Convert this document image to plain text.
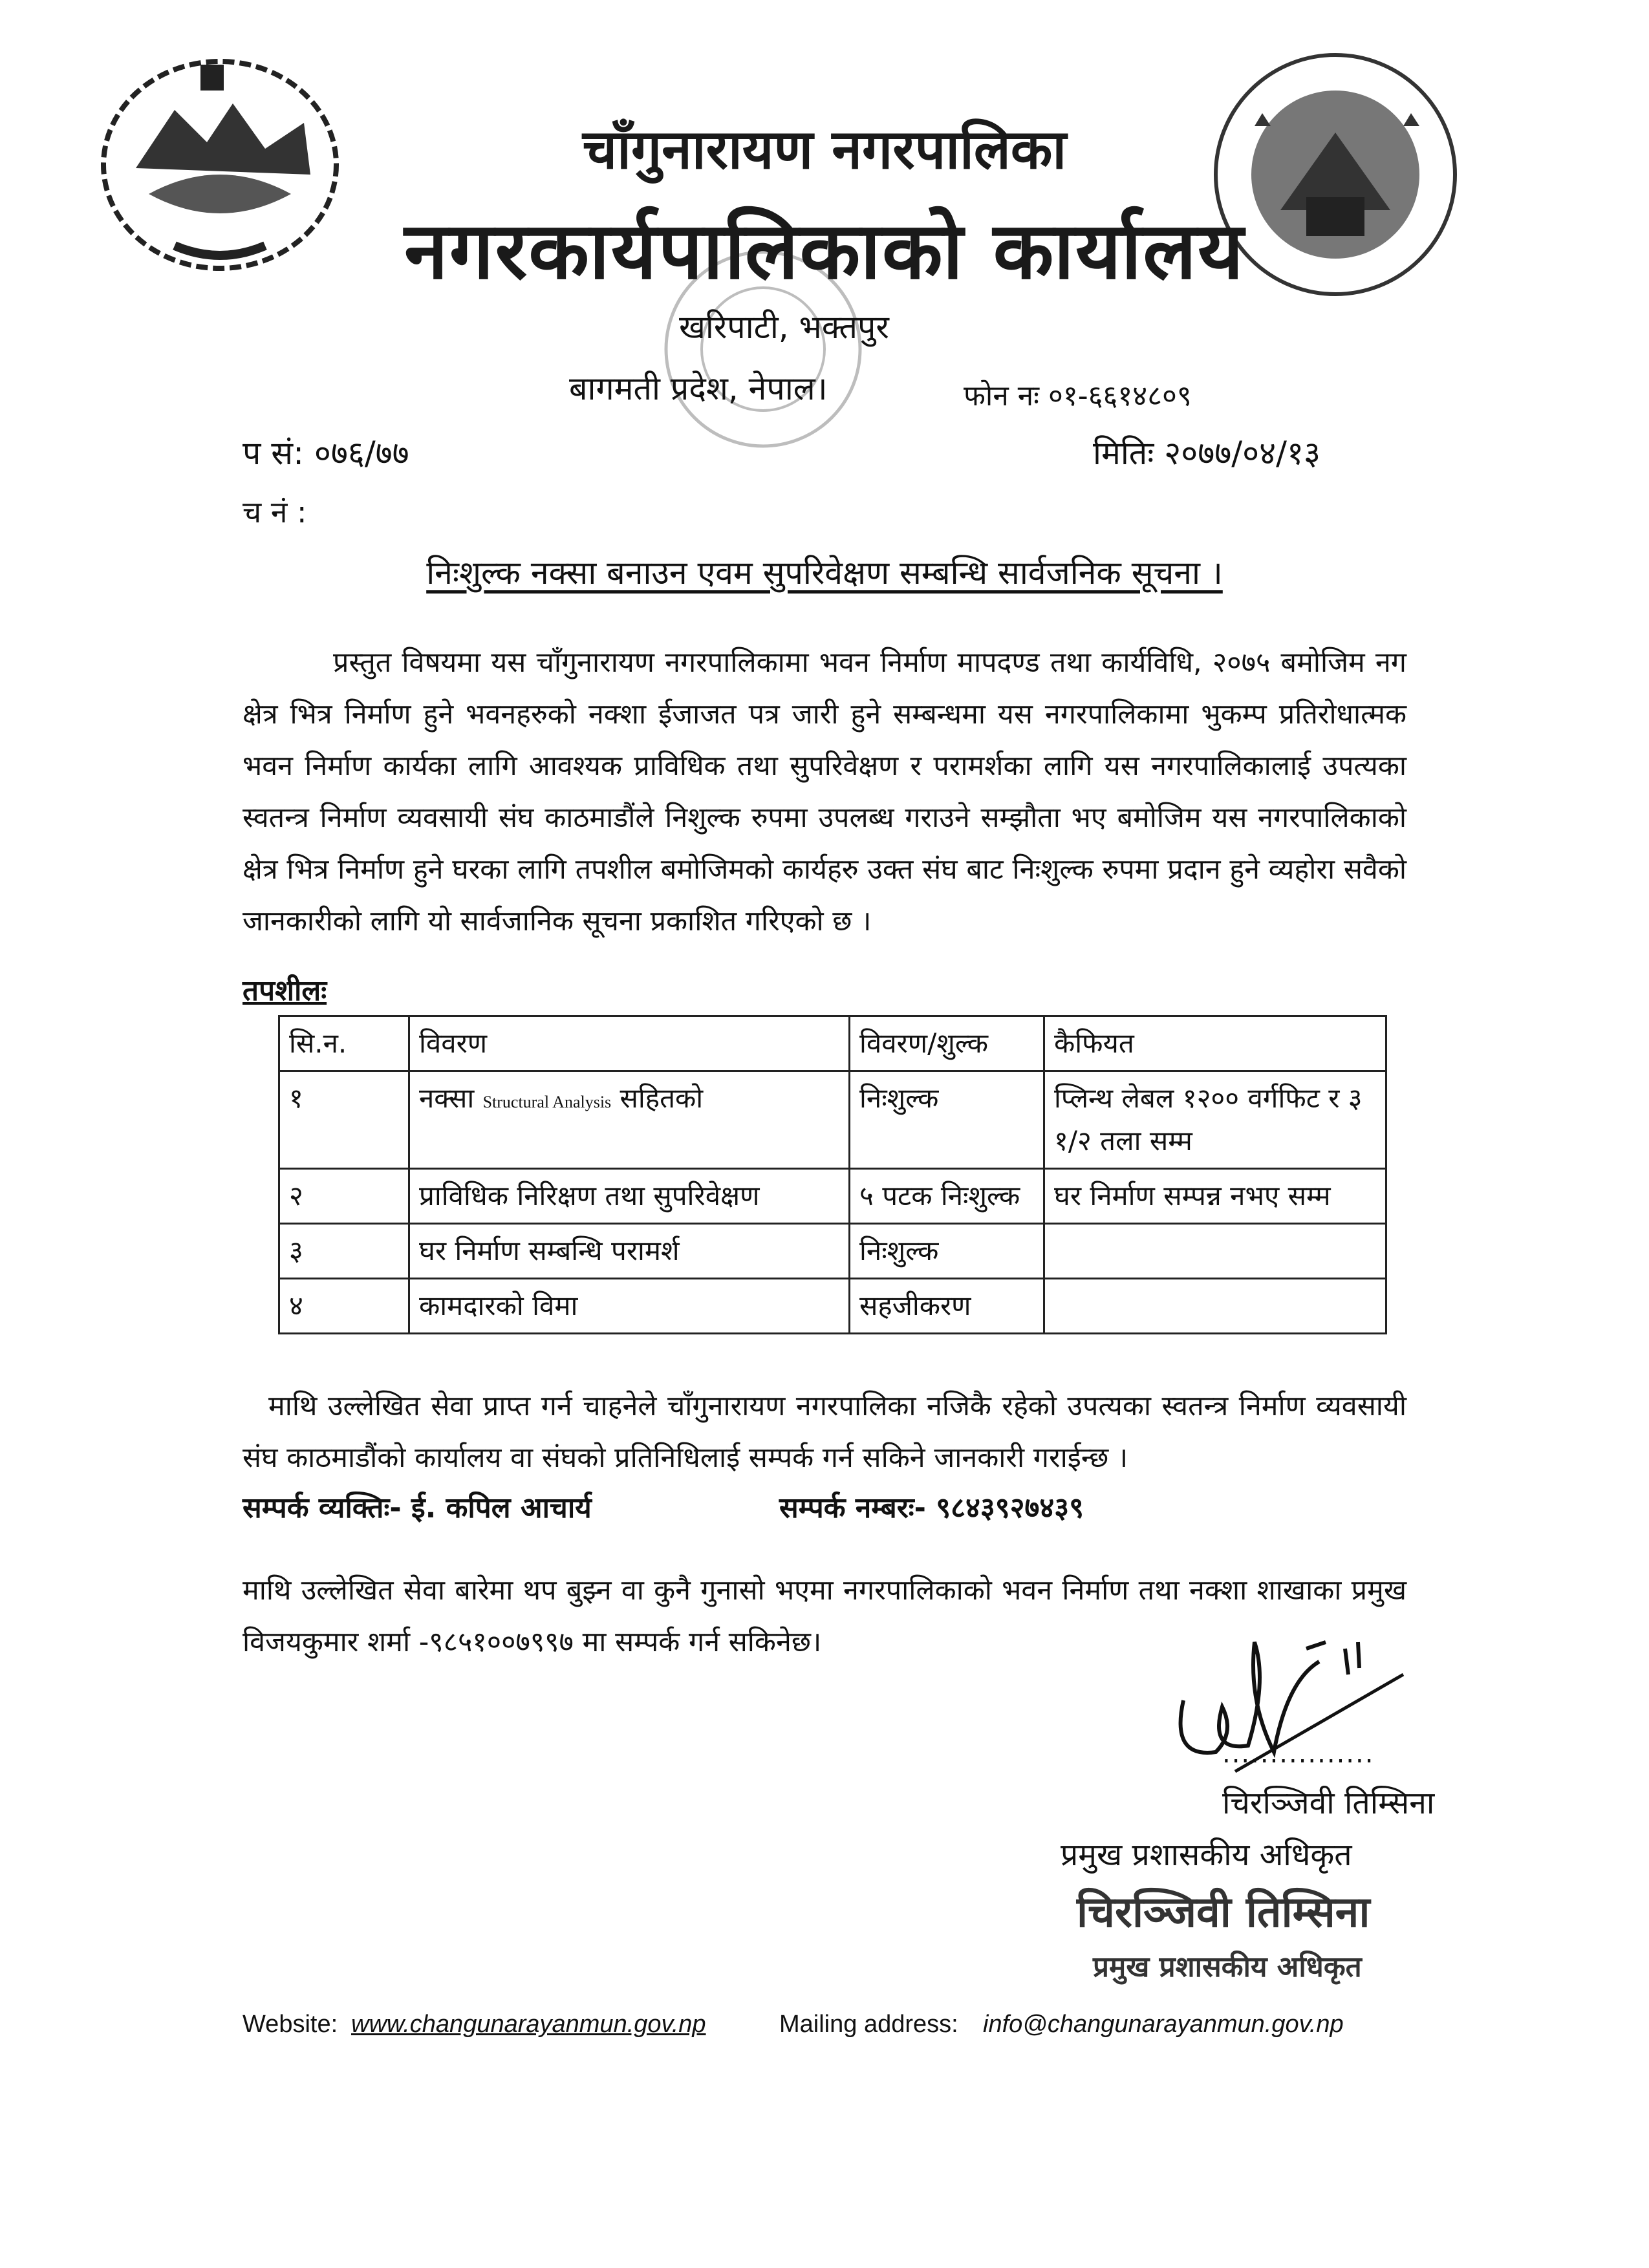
चाँगुनारायण नगरपालिका
नगरकार्यपालिकाको कार्यालय
खरिपाटी, भक्तपुर
बागमती प्रदेश, नेपाल।	फोन नः ०१-६६१४८०९
प सं: ०७६/७७	मितिः २०७७/०४/१३
च नं :
निःशुल्क नक्सा बनाउन एवम सुपरिवेक्षण सम्बन्धि सार्वजनिक सूचना ।

प्रस्तुत विषयमा यस चाँगुनारायण नगरपालिकामा भवन निर्माण मापदण्ड तथा कार्यविधि, २०७५ बमोजिम नग क्षेत्र भित्र निर्माण हुने भवनहरुको नक्शा ईजाजत पत्र जारी हुने सम्बन्धमा यस नगरपालिकामा भुकम्प प्रतिरोधात्मक भवन निर्माण कार्यका लागि आवश्यक प्राविधिक तथा सुपरिवेक्षण र परामर्शका लागि यस नगरपालिकालाई उपत्यका स्वतन्त्र निर्माण व्यवसायी संघ काठमाडौंले निशुल्क रुपमा उपलब्ध गराउने सम्झौता भए बमोजिम यस नगरपालिकाको क्षेत्र भित्र निर्माण हुने घरका लागि तपशील बमोजिमको कार्यहरु उक्त संघ बाट निःशुल्क रुपमा प्रदान हुने व्यहोरा सवैको जानकारीको लागि यो सार्वजानिक सूचना प्रकाशित गरिएको छ ।

तपशीलः
सि.न.	विवरण	विवरण/शुल्क	कैफियत
१	नक्सा Structural Analysis सहितको	निःशुल्क	प्लिन्थ लेबल १२०० वर्गफिट र ३ १/२ तला सम्म
२	प्राविधिक निरिक्षण तथा सुपरिवेक्षण	५ पटक निःशुल्क	घर निर्माण सम्पन्न नभए सम्म
३	घर निर्माण सम्बन्धि परामर्श	निःशुल्क	
४	कामदारको विमा	सहजीकरण	

माथि उल्लेखित सेवा प्राप्त गर्न चाहनेले चाँगुनारायण नगरपालिका नजिकै रहेको उपत्यका स्वतन्त्र निर्माण व्यवसायी संघ काठमाडौंको कार्यालय वा संघको प्रतिनिधिलाई सम्पर्क गर्न सकिने जानकारी गराईन्छ ।

सम्पर्क व्यक्तिः- ई. कपिल आचार्य	सम्पर्क नम्बरः- ९८४३९२७४३९

माथि उल्लेखित सेवा बारेमा थप बुझ्न वा कुनै गुनासो भएमा नगरपालिकाको भवन निर्माण तथा नक्शा शाखाका प्रमुख विजयकुमार शर्मा -९८५१००७९९७ मा सम्पर्क गर्न सकिनेछ।

................
चिरञ्जिवी तिम्सिना
प्रमुख प्रशासकीय अधिकृत
चिरञ्जिवी तिम्सिना
प्रमुख प्रशासकीय अधिकृत
Website: www.changunarayanmun.gov.np	Mailing address: info@changunarayanmun.gov.np
